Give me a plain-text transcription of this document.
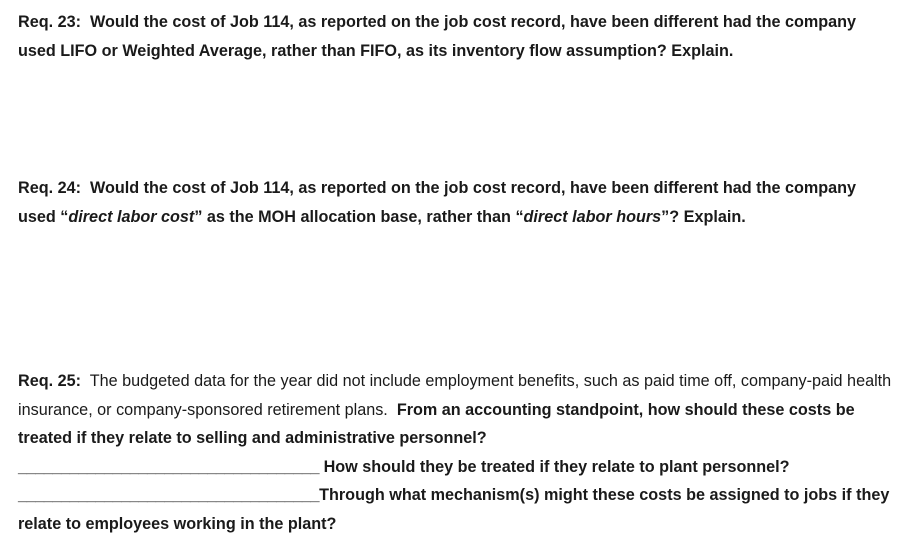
Req. 23: Would the cost of Job 114, as reported on the job cost record, have been different had the company used LIFO or Weighted Average, rather than FIFO, as its inventory flow assumption? Explain.

Req. 24: Would the cost of Job 114, as reported on the job cost record, have been different had the company used “direct labor cost” as the MOH allocation base, rather than “direct labor hours”? Explain.

Req. 25: The budgeted data for the year did not include employment benefits, such as paid time off, company-paid health insurance, or company-sponsored retirement plans. From an accounting standpoint, how should these costs be treated if they relate to selling and administrative personnel?
___________________________________ How should they be treated if they relate to plant personnel?
___________________________________Through what mechanism(s) might these costs be assigned to jobs if they relate to employees working in the plant?
